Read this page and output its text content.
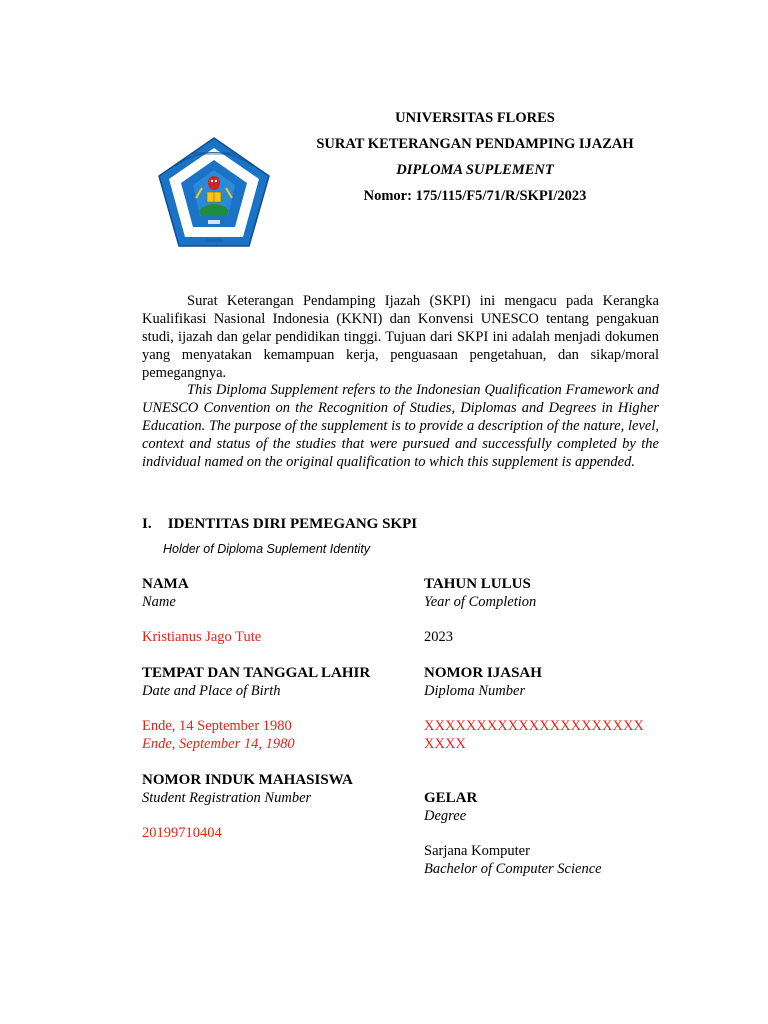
UNIVERSITAS FLORES
SURAT KETERANGAN PENDAMPING IJAZAH
DIPLOMA SUPLEMENT
Nomor: 175/115/F5/71/R/SKPI/2023

Surat Keterangan Pendamping Ijazah (SKPI) ini mengacu pada Kerangka Kualifikasi Nasional Indonesia (KKNI) dan Konvensi UNESCO tentang pengakuan studi, ijazah dan gelar pendidikan tinggi. Tujuan dari SKPI ini adalah menjadi dokumen yang menyatakan kemampuan kerja, penguasaan pengetahuan, dan sikap/moral pemegangnya.

This Diploma Supplement refers to the Indonesian Qualification Framework and UNESCO Convention on the Recognition of Studies, Diplomas and Degrees in Higher Education. The purpose of the supplement is to provide a description of the nature, level, context and status of the studies that were pursued and successfully completed by the individual named on the original qualification to which this supplement is appended.

I. IDENTITAS DIRI PEMEGANG SKPI
Holder of Diploma Suplement Identity
NAMA
Name
Kristianus Jago Tute
TEMPAT DAN TANGGAL LAHIR
Date and Place of Birth
Ende, 14 September 1980
Ende, September 14, 1980
NOMOR INDUK MAHASISWA
Student Registration Number
20199710404
TAHUN LULUS
Year of Completion
2023
NOMOR IJASAH
Diploma Number
XXXXXXXXXXXXXXXXXXXXX
XXXX
GELAR
Degree
Sarjana Komputer
Bachelor of Computer Science
